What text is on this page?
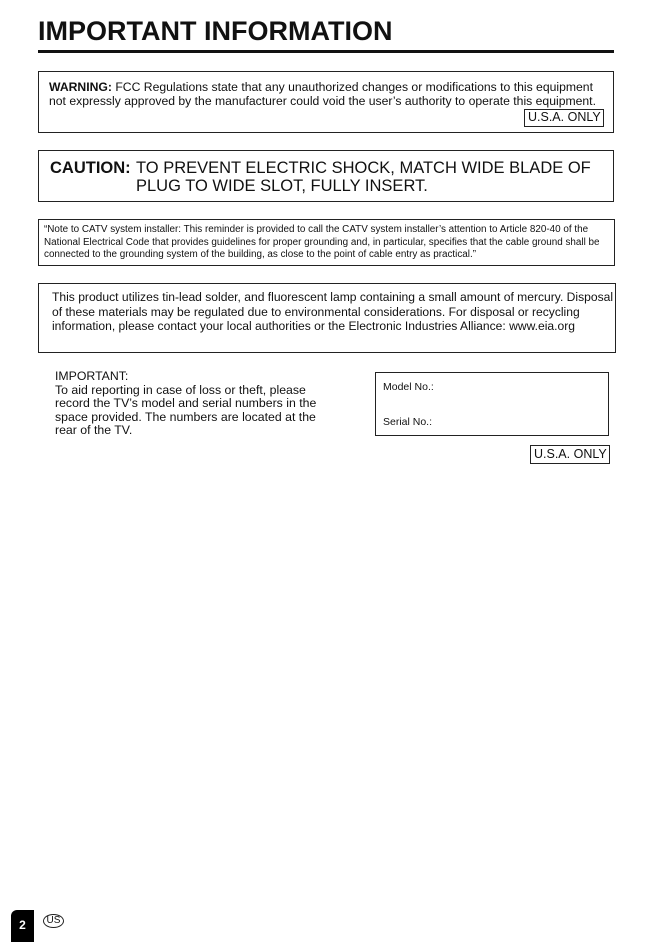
IMPORTANT INFORMATION
WARNING: FCC Regulations state that any unauthorized changes or modifications to this equipment not expressly approved by the manufacturer could void the user’s authority to operate this equipment.
U.S.A. ONLY
CAUTION: TO PREVENT ELECTRIC SHOCK, MATCH WIDE BLADE OF PLUG TO WIDE SLOT, FULLY INSERT.
“Note to CATV system installer: This reminder is provided to call the CATV system installer’s attention to Article 820-40 of the National Electrical Code that provides guidelines for proper grounding and, in particular, specifies that the cable ground shall be connected to the grounding system of the building, as close to the point of cable entry as practical.”
This product utilizes tin-lead solder, and fluorescent lamp containing a small amount of mercury. Disposal of these materials may be regulated due to environmental considerations. For disposal or recycling information, please contact your local authorities or the Electronic Industries Alliance: www.eia.org
IMPORTANT:
To aid reporting in case of loss or theft, please record the TV’s model and serial numbers in the space provided. The numbers are located at the rear of the TV.
Model No.:
Serial No.:
U.S.A. ONLY
2	US
